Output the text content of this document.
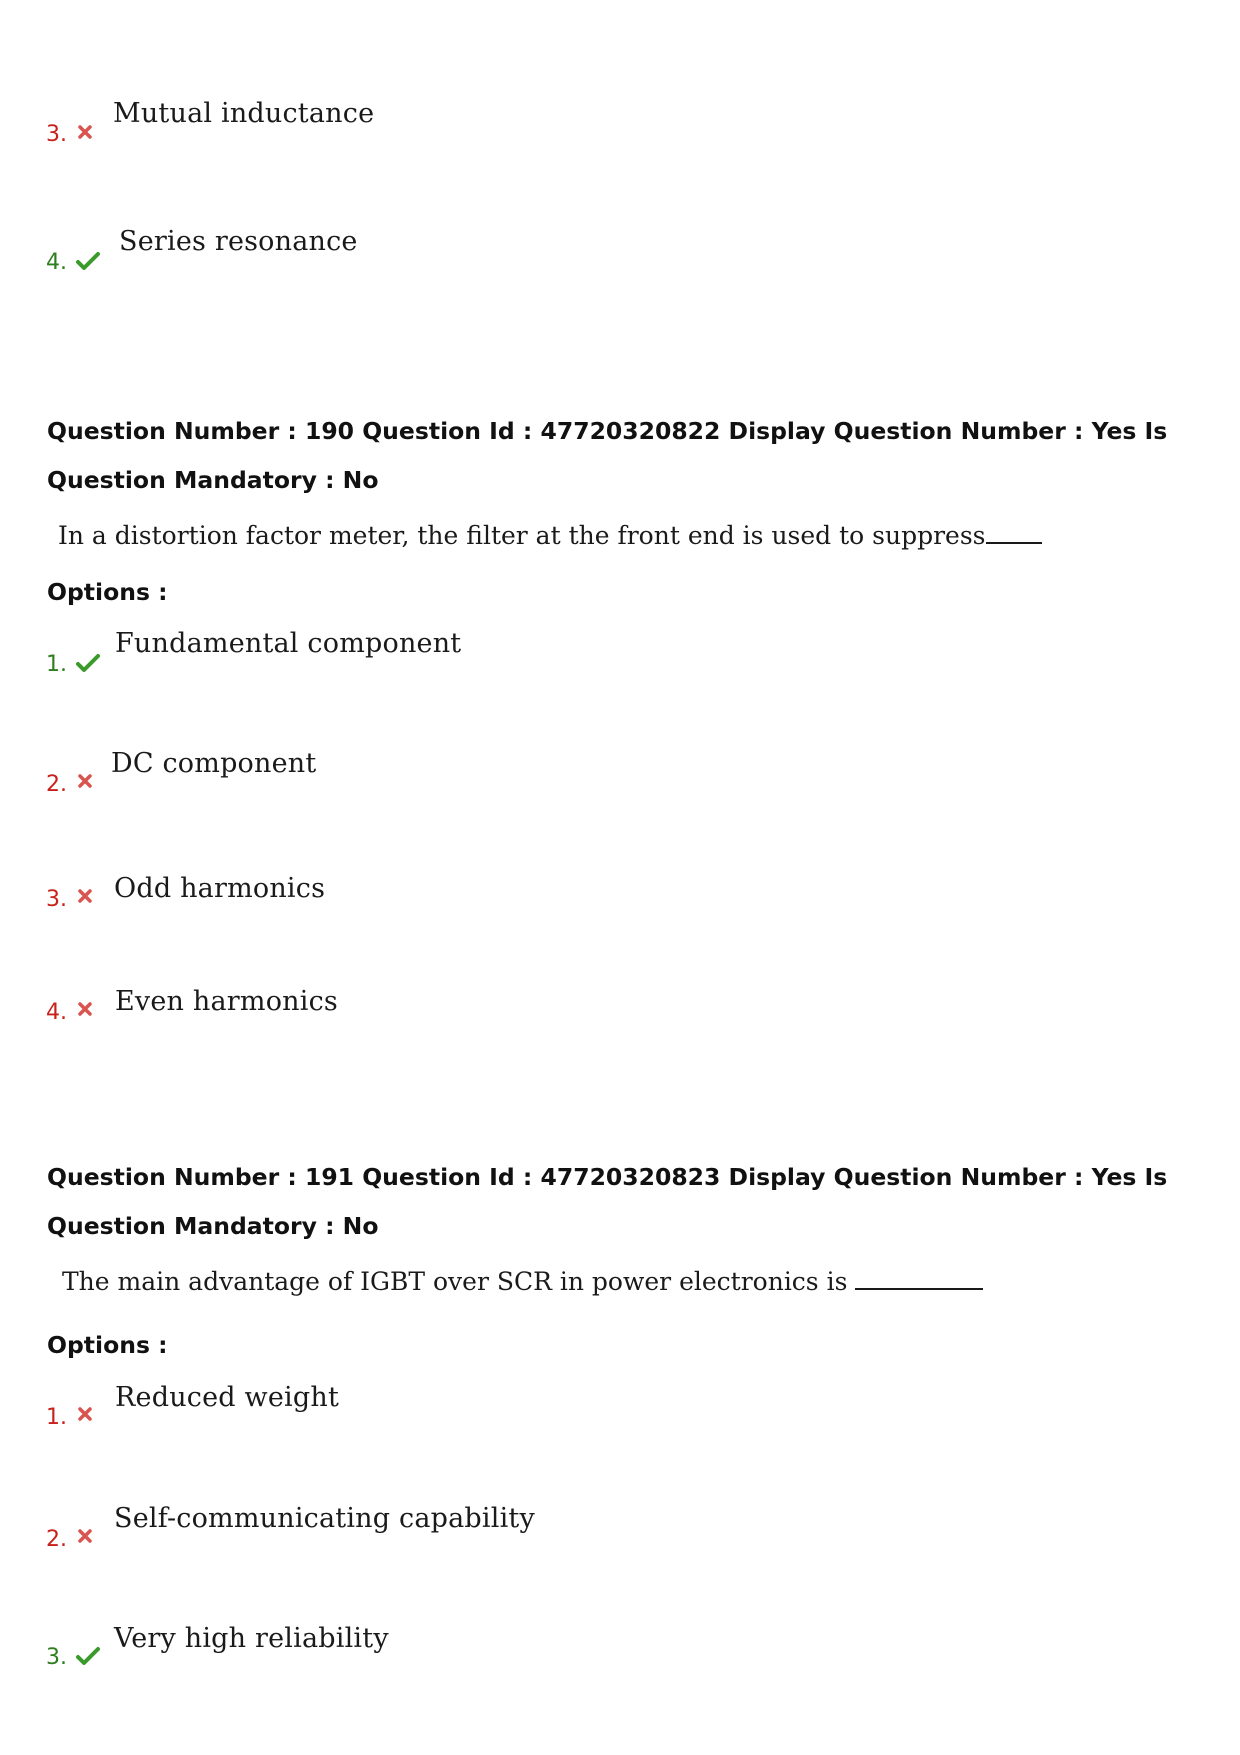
3.
Mutual inductance
4.
Series resonance
Question Number : 190 Question Id : 47720320822 Display Question Number : Yes Is Question Mandatory : No
In a distortion factor meter, the filter at the front end is used to suppress
Options :
1.
Fundamental component
2.
DC component
3. Odd harmonics
4. Even harmonics
Question Number : 191 Question Id : 47720320823 Display Question Number : Yes Is Question Mandatory : No
The main advantage of IGBT over SCR in power electronics is
Options :
1.
Reduced weight
2.
Self-communicating capability
3.
Very high reliability
